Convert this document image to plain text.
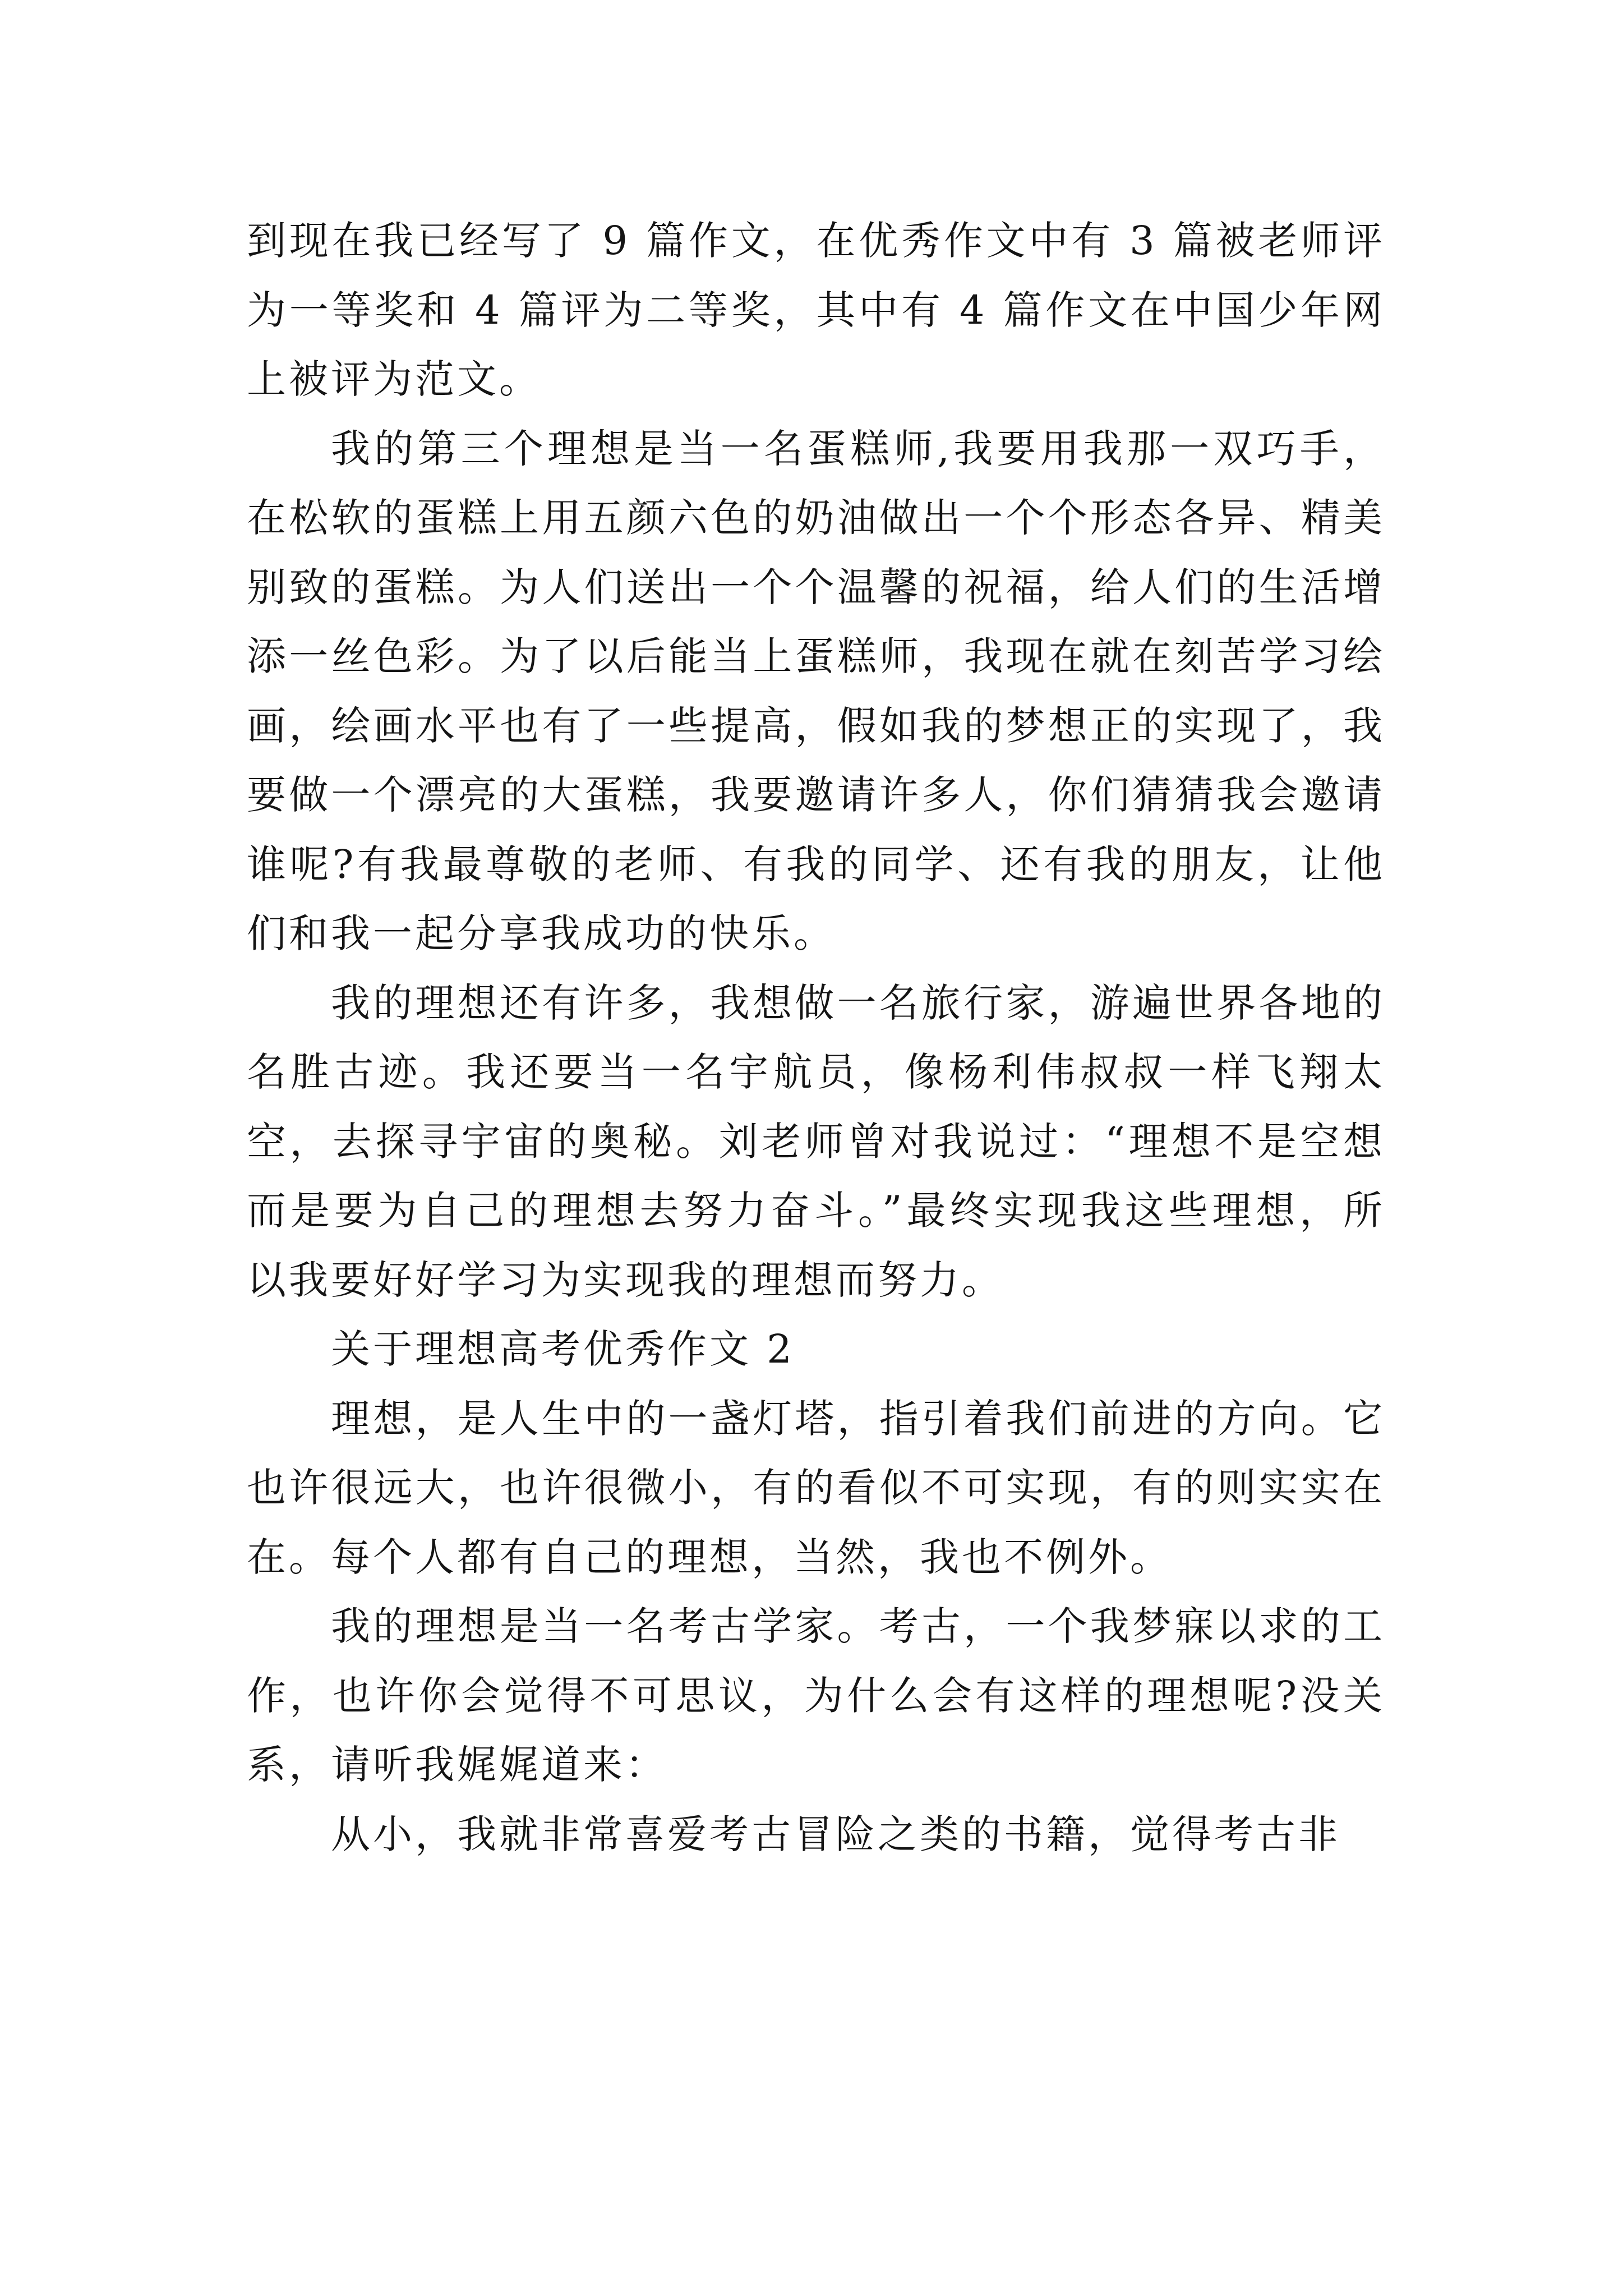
到现在我已经写了 9 篇作文，在优秀作文中有 3 篇被老师评为一等奖和 4 篇评为二等奖，其中有 4 篇作文在中国少年网上被评为范文。

我的第三个理想是当一名蛋糕师,我要用我那一双巧手，在松软的蛋糕上用五颜六色的奶油做出一个个形态各异、精美别致的蛋糕。为人们送出一个个温馨的祝福，给人们的生活增添一丝色彩。为了以后能当上蛋糕师，我现在就在刻苦学习绘画，绘画水平也有了一些提高，假如我的梦想正的实现了，我要做一个漂亮的大蛋糕，我要邀请许多人，你们猜猜我会邀请谁呢?有我最尊敬的老师、有我的同学、还有我的朋友，让他们和我一起分享我成功的快乐。

我的理想还有许多，我想做一名旅行家，游遍世界各地的名胜古迹。我还要当一名宇航员，像杨利伟叔叔一样飞翔太空，去探寻宇宙的奥秘。刘老师曾对我说过：“理想不是空想而是要为自己的理想去努力奋斗。”最终实现我这些理想，所以我要好好学习为实现我的理想而努力。

关于理想高考优秀作文 2

理想，是人生中的一盏灯塔，指引着我们前进的方向。它也许很远大，也许很微小，有的看似不可实现，有的则实实在在。每个人都有自己的理想，当然，我也不例外。

我的理想是当一名考古学家。考古，一个我梦寐以求的工作，也许你会觉得不可思议，为什么会有这样的理想呢?没关系，请听我娓娓道来：

从小，我就非常喜爱考古冒险之类的书籍，觉得考古非
